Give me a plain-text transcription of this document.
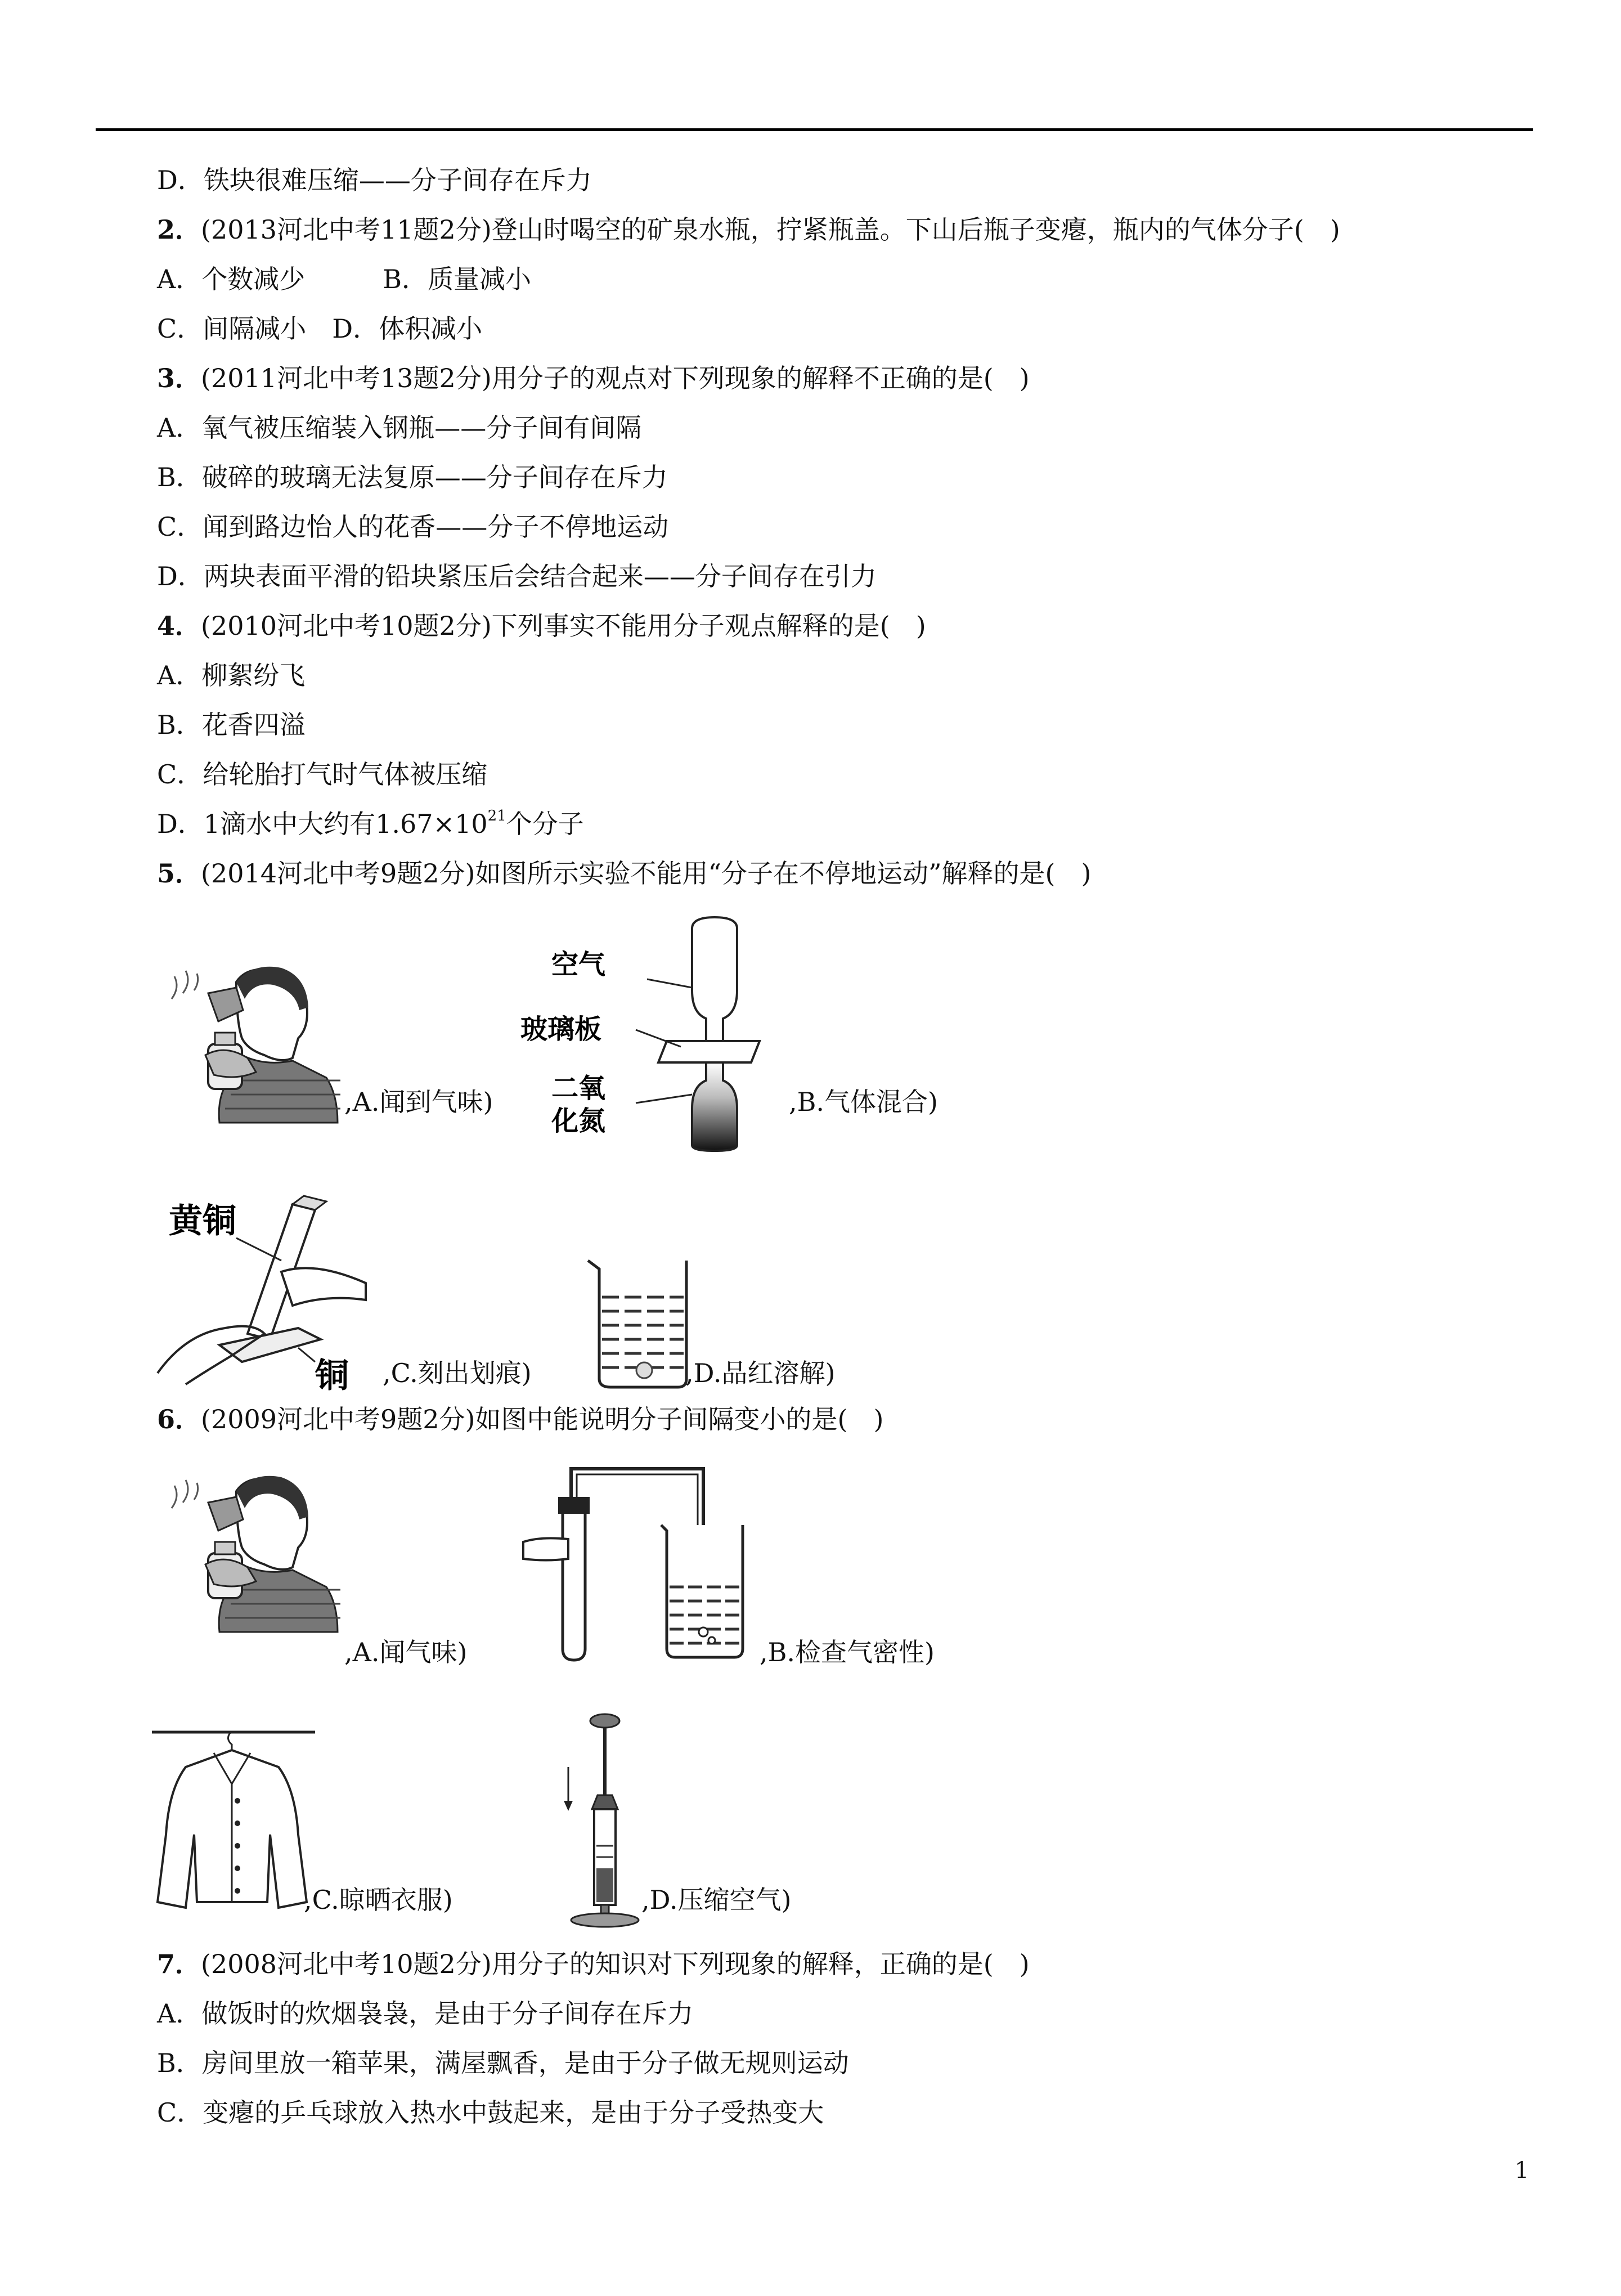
D．铁块很难压缩——分子间存在斥力
2．(2013河北中考11题2分)登山时喝空的矿泉水瓶，拧紧瓶盖。下山后瓶子变瘪，瓶内的气体分子(　)
A．个数减少　　　B．质量减小
C．间隔减小　D．体积减小
3．(2011河北中考13题2分)用分子的观点对下列现象的解释不正确的是(　)
A．氧气被压缩装入钢瓶——分子间有间隔
B．破碎的玻璃无法复原——分子间存在斥力
C．闻到路边怡人的花香——分子不停地运动
D．两块表面平滑的铅块紧压后会结合起来——分子间存在引力
4．(2010河北中考10题2分)下列事实不能用分子观点解释的是(　)
A．柳絮纷飞
B．花香四溢
C．给轮胎打气时气体被压缩
D．1滴水中大约有$1.67\times 10^{21}$个分子
5．(2014河北中考9题2分)如图所示实验不能用“分子在不停地运动”解释的是(　)
,A.闻到气味)
空气
玻璃板
二氧
化氮
,B.气体混合)
黄铜
铜 ,C.刻出划痕)	,D.品红溶解)
6．(2009河北中考9题2分)如图中能说明分子间隔变小的是(　)
,A.闻气味)	,B.检查气密性)
,C.晾晒衣服)	,D.压缩空气)
7．(2008河北中考10题2分)用分子的知识对下列现象的解释，正确的是(　)
A．做饭时的炊烟袅袅，是由于分子间存在斥力
B．房间里放一箱苹果，满屋飘香，是由于分子做无规则运动
C．变瘪的乒乓球放入热水中鼓起来，是由于分子受热变大
1
